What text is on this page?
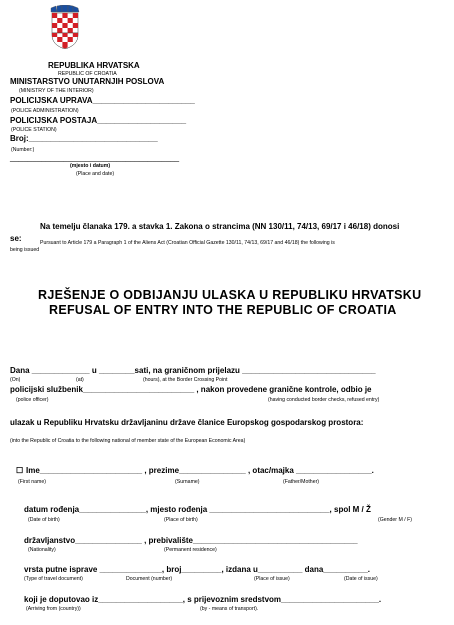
REPUBLIKA HRVATSKA
REPUBLIC OF CROATIA
MINISTARSTVO UNUTARNJIH POSLOVA
(MINISTRY OF THE INTERIOR)
POLICIJSKA UPRAVA_______________________
(POLICE ADMINISTRATION)
POLICIJSKA POSTAJA____________________
(POLICE STATION)
Broj:_____________________________
(Number:)
______________________________________
(mjesto i datum)
(Place and date)
Na temelju članaka 179. a stavka 1. Zakona o strancima (NN 130/11, 74/13, 69/17 i 46/18) donosi
se:	Pursuant to Article 179 a Paragraph 1 of the Aliens Act (Croatian Official Gazette 130/11, 74/13, 69/17 and 46/18) the following is
being issued
RJEŠENJE O ODBIJANJU ULASKA U REPUBLIKU HRVATSKU
REFUSAL OF ENTRY INTO THE REPUBLIC OF CROATIA
Dana _____________ u ________sati, na graničnom prijelazu ______________________________
(On)	(at)	(hours), at the Border Crossing Point
policijski službenik_________________________ , nakon provedene granične kontrole, odbio je
(police officer)	(having conducted border checks, refused entry)
ulazak u Republiku Hrvatsku državljaninu države članice Europskog gospodarskog prostora:
(into the Republic of Croatia to the following national of member state of the European Economic Area)
☐ Ime_______________________ , prezime_______________ , otac/majka _________________.
(First name)	(Surname)	(Father/Mother)
datum rođenja_______________, mjesto rođenja ___________________________, spol M / Ž
(Date of birth)	(Place of birth)	(Gender M / F)
državljanstvo_______________ , prebivalište_____________________________________
(Nationality)	(Permanent residence)
vrsta putne isprave ______________, broj_________, izdana u__________ dana__________.
(Type of travel document)	Document (number)	(Place of issue)	(Date of issue)
koji je doputovao iz___________________, s prijevoznim sredstvom______________________.
(Arriving from (country))	(by - means of transport).
